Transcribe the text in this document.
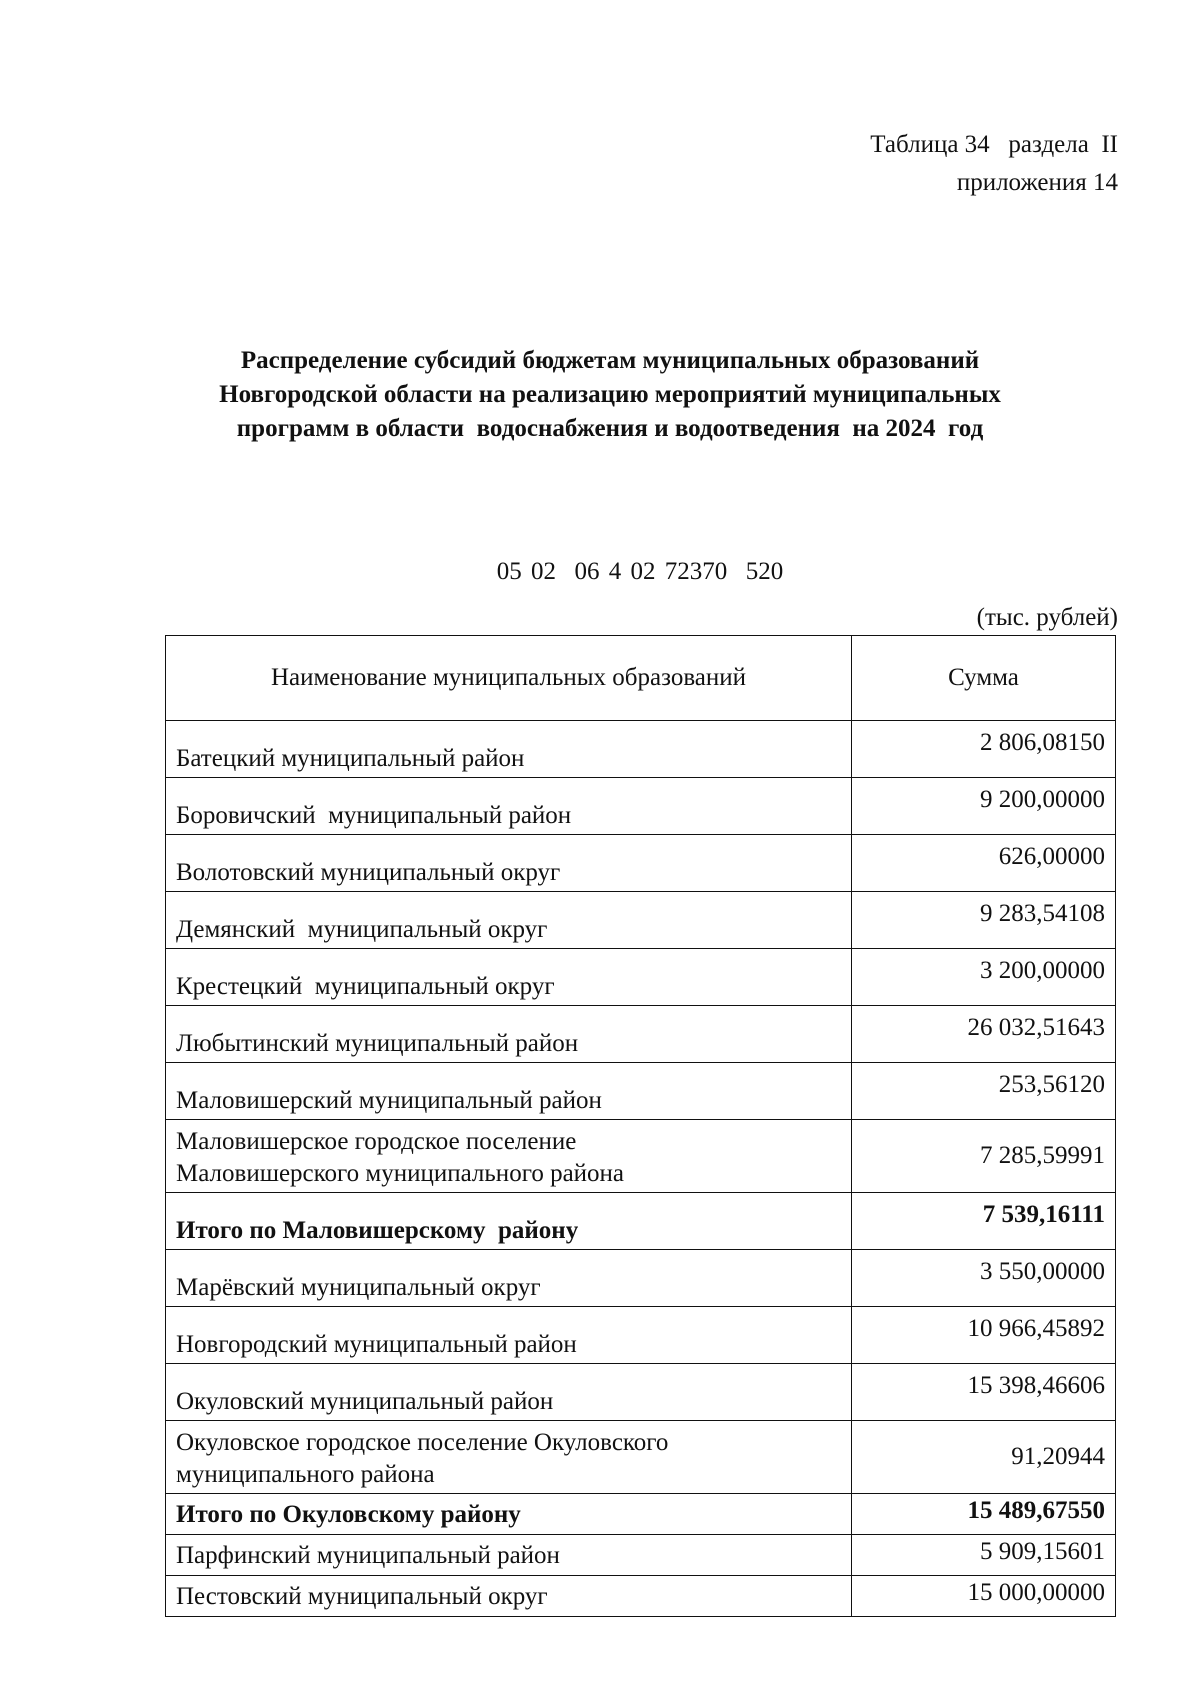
Таблица 34   раздела  II
приложения 14
Распределение субсидий бюджетам муниципальных образований
Новгородской области на реализацию мероприятий муниципальных
программ в области  водоснабжения и водоотведения  на 2024  год
05 02  06 4 02 72370  520
(тыс. рублей)
Наименование муниципальных образований	Сумма

Батецкий муниципальный район	2 806,08150

Боровичский  муниципальный район	9 200,00000

Волотовский муниципальный округ	626,00000

Демянский  муниципальный округ	9 283,54108

Крестецкий  муниципальный округ	3 200,00000

Любытинский муниципальный район	26 032,51643

Маловишерский муниципальный район	253,56120

Маловишерское городское поселение
Маловишерского муниципального района	7 285,59991

Итого по Маловишерскому  району	7 539,16111

Марёвский муниципальный округ	3 550,00000

Новгородский муниципальный район	10 966,45892

Окуловский муниципальный район	15 398,46606

Окуловское городское поселение Окуловского
муниципального района	91,20944

Итого по Окуловскому району	15 489,67550

Парфинский муниципальный район	5 909,15601

Пестовский муниципальный округ	15 000,00000
